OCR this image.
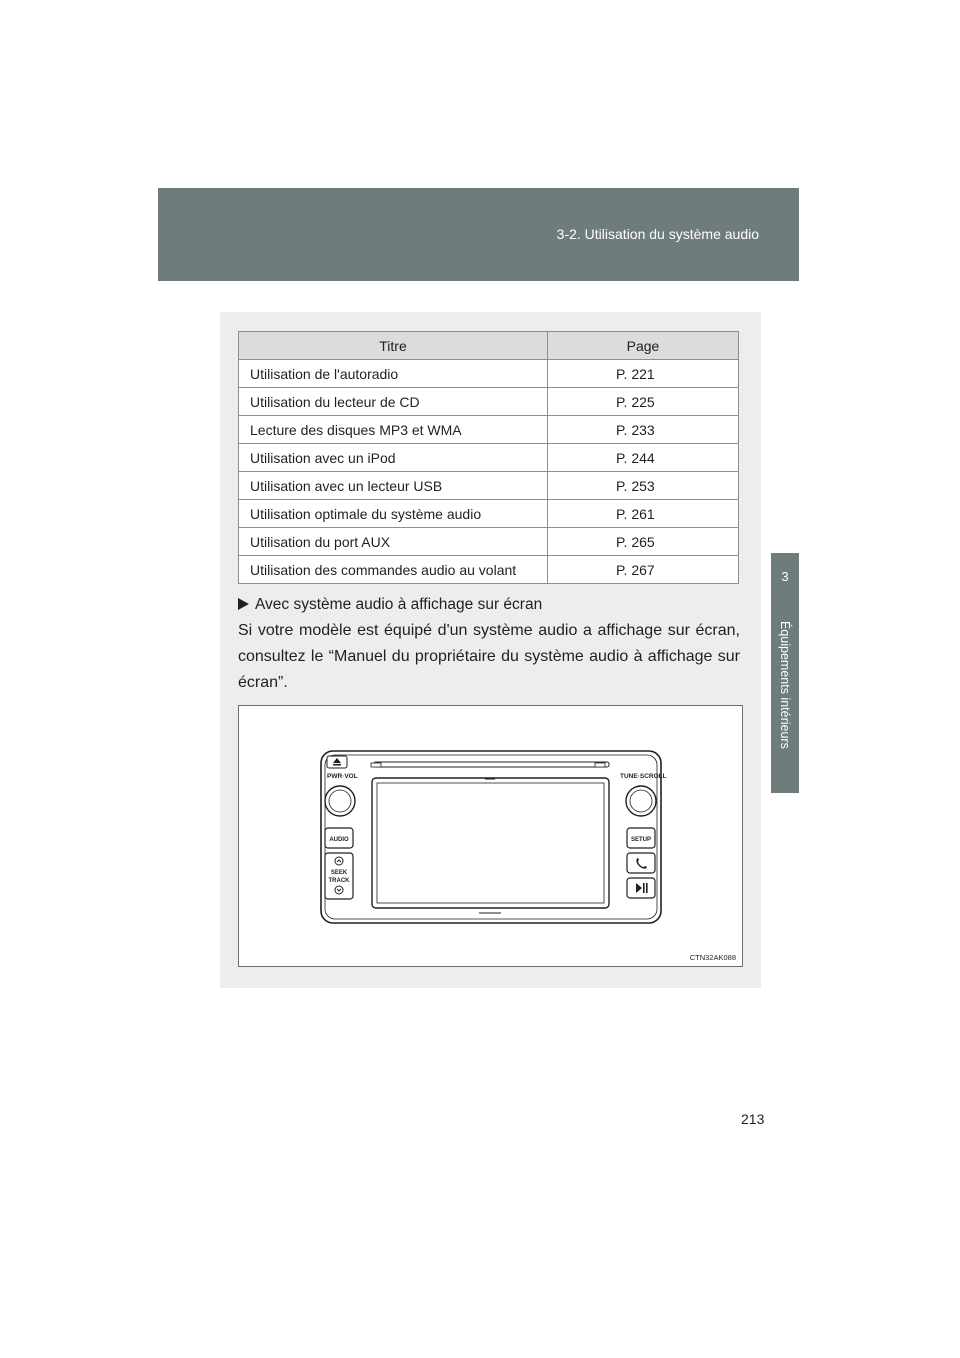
3-2. Utilisation du système audio
3
Équipements intérieurs
Titre	Page
Utilisation de l'autoradio	P. 221
Utilisation du lecteur de CD	P. 225
Lecture des disques MP3 et WMA	P. 233
Utilisation avec un iPod	P. 244
Utilisation avec un lecteur USB	P. 253
Utilisation optimale du système audio	P. 261
Utilisation du port AUX	P. 265
Utilisation des commandes audio au volant	P. 267
Avec système audio à affichage sur écran
Si votre modèle est équipé d'un système audio a affichage sur écran, consultez le “Manuel du propriétaire du système audio à affichage sur écran”.
PWR·VOL	TUNE·SCROLL
AUDIO
SEEK
TRACK
SETUP
CTN32AK088
213
